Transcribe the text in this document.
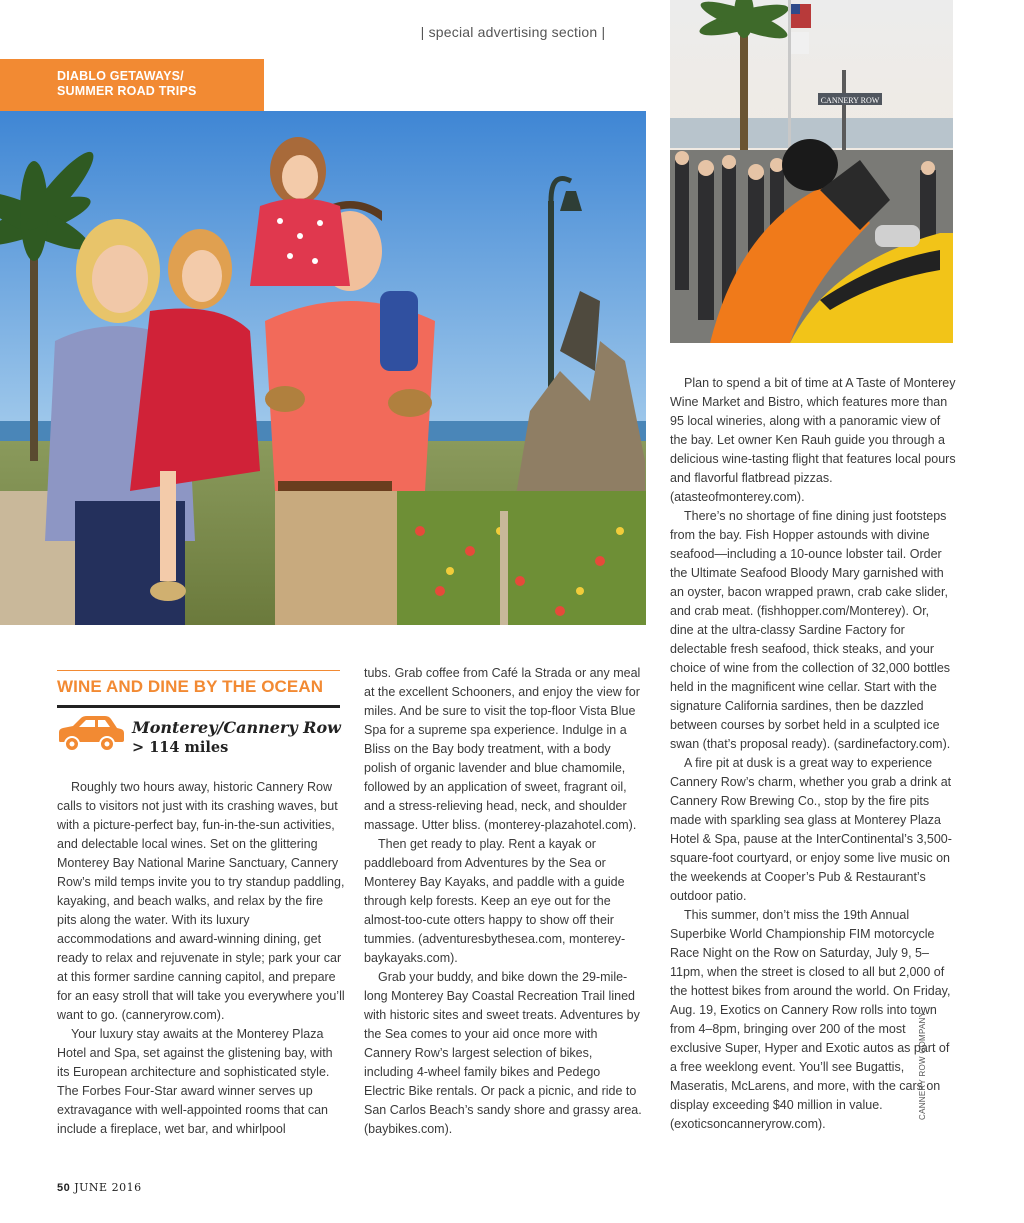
| special advertising section |
DIABLO GETAWAYS/
SUMMER ROAD TRIPS
CANNERY ROW
WINE AND DINE BY THE OCEAN
Monterey/Cannery Row
> 114 miles

Roughly two hours away, historic Cannery Row calls to visitors not just with its crashing waves, but with a picture-perfect bay, fun-in-the-sun activities, and delectable local wines. Set on the glittering Monterey Bay National Marine Sanctuary, Cannery Row’s mild temps invite you to try standup paddling, kayaking, and beach walks, and relax by the fire pits along the water. With its luxury accommodations and award-winning dining, get ready to relax and rejuvenate in style; park your car at this former sardine canning capitol, and prepare for an easy stroll that will take you everywhere you’ll want to go. (canneryrow.com).

Your luxury stay awaits at the Monterey Plaza Hotel and Spa, set against the glistening bay, with its European architecture and sophisticated style. The Forbes Four-Star award winner serves up extravagance with well-appointed rooms that can include a fireplace, wet bar, and whirlpool

tubs. Grab coffee from Café la Strada or any meal at the excellent Schooners, and enjoy the view for miles. And be sure to visit the top-floor Vista Blue Spa for a supreme spa experience. Indulge in a Bliss on the Bay body treatment, with a body polish of organic lavender and blue chamomile, followed by an application of sweet, fragrant oil, and a stress-relieving head, neck, and shoulder massage. Utter bliss. (monterey-plazahotel.com).

Then get ready to play. Rent a kayak or paddleboard from Adventures by the Sea or Monterey Bay Kayaks, and paddle with a guide through kelp forests. Keep an eye out for the almost-too-cute otters happy to show off their tummies. (adventuresbythesea.com, monterey-baykayaks.com).

Grab your buddy, and bike down the 29-mile-long Monterey Bay Coastal Recreation Trail lined with historic sites and sweet treats. Adventures by the Sea comes to your aid once more with Cannery Row’s largest selection of bikes, including 4-wheel family bikes and Pedego Electric Bike rentals. Or pack a picnic, and ride to San Carlos Beach’s sandy shore and grassy area. (baybikes.com).

Plan to spend a bit of time at A Taste of Monterey Wine Market and Bistro, which features more than 95 local wineries, along with a panoramic view of the bay. Let owner Ken Rauh guide you through a delicious wine-tasting flight that features local pours and flavorful flatbread pizzas. (atasteofmonterey.com).

There’s no shortage of fine dining just footsteps from the bay. Fish Hopper astounds with divine seafood—including a 10-ounce lobster tail. Order the Ultimate Seafood Bloody Mary garnished with an oyster, bacon wrapped prawn, crab cake slider, and crab meat. (fishhopper.com/Monterey). Or, dine at the ultra-classy Sardine Factory for delectable fresh seafood, thick steaks, and your choice of wine from the collection of 32,000 bottles held in the magnificent wine cellar. Start with the signature California sardines, then be dazzled between courses by sorbet held in a sculpted ice swan (that’s proposal ready). (sardinefactory.com).

A fire pit at dusk is a great way to experience Cannery Row’s charm, whether you grab a drink at Cannery Row Brewing Co., stop by the fire pits made with sparkling sea glass at Monterey Plaza Hotel & Spa, pause at the InterContinental’s 3,500-square-foot courtyard, or enjoy some live music on the weekends at Cooper’s Pub & Restaurant’s outdoor patio.

This summer, don’t miss the 19th Annual Superbike World Championship FIM motorcycle Race Night on the Row on Saturday, July 9, 5–11pm, when the street is closed to all but 2,000 of the hottest bikes from around the world. On Friday, Aug. 19, Exotics on Cannery Row rolls into town from 4–8pm, bringing over 200 of the most exclusive Super, Hyper and Exotic autos as part of a free weeklong event. You’ll see Bugattis, Maseratis, McLarens, and more, with the cars on display exceeding $40 million in value. (exoticsoncanneryrow.com).

CANNERY ROW COMPANY
50 JUNE 2016
